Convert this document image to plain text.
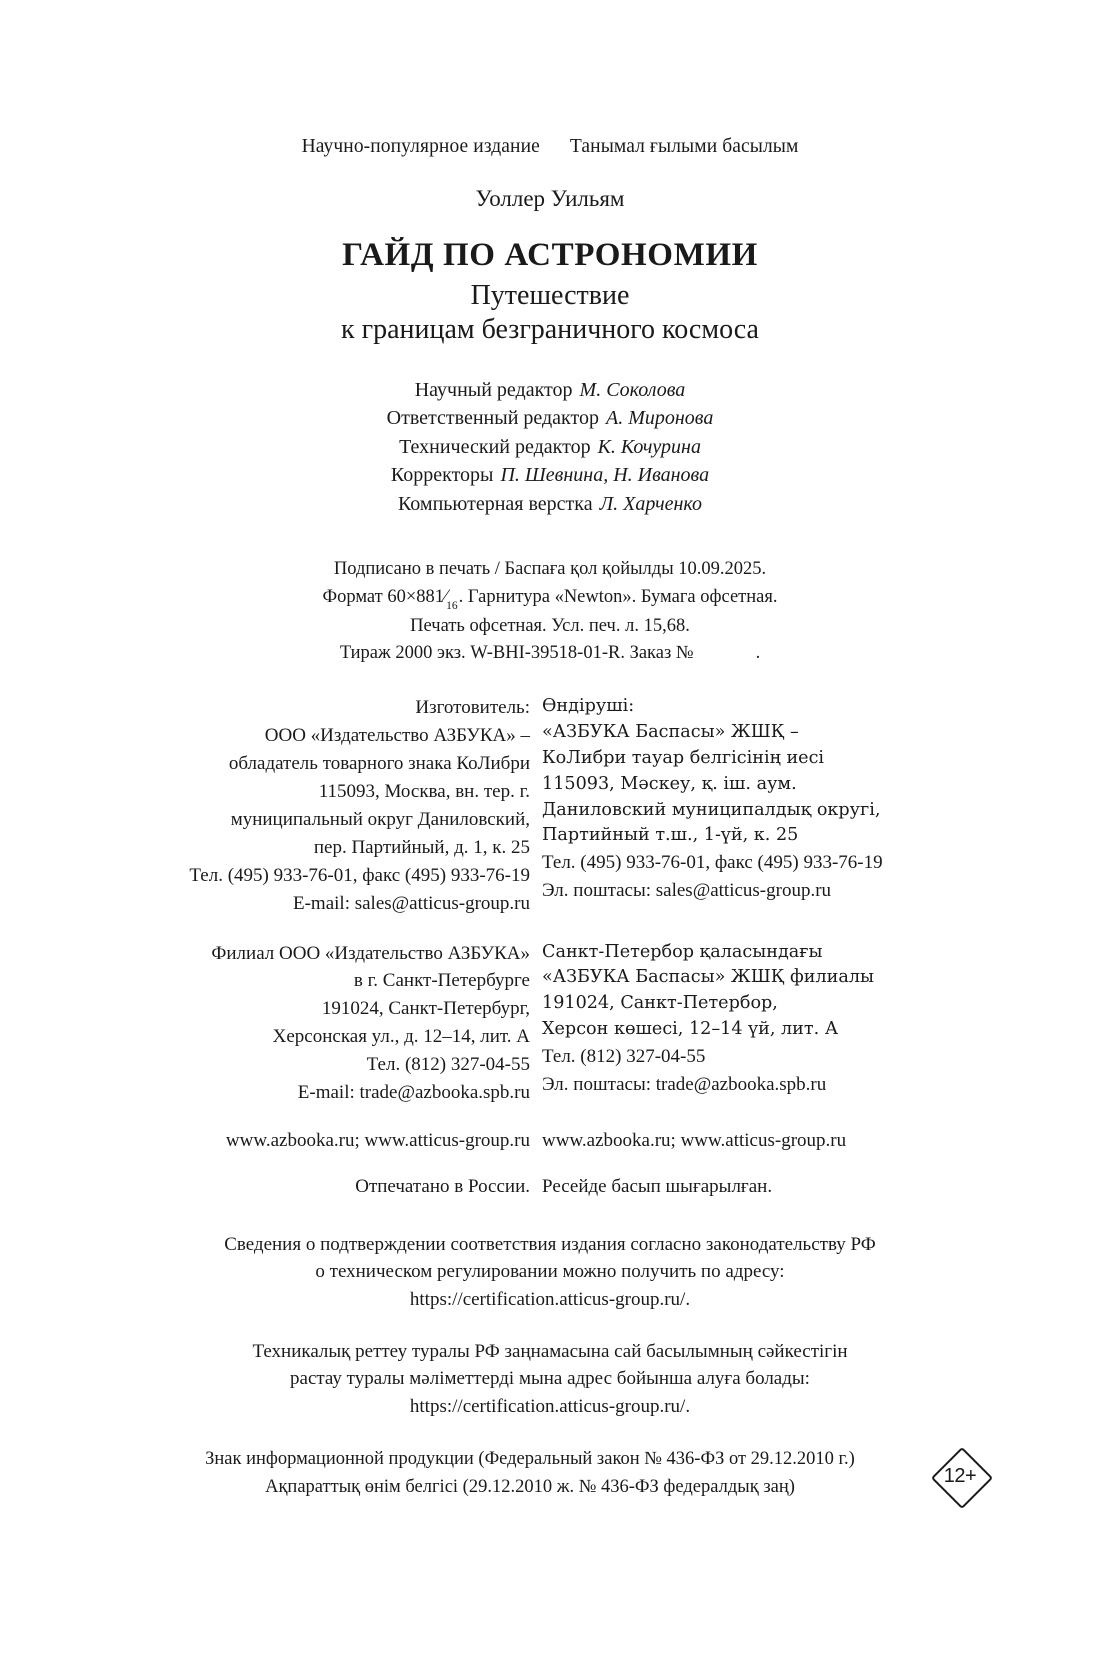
Научно-популярное издание Танымал ғылыми басылым
Уоллер Уильям
ГАЙД ПО АСТРОНОМИИ
Путешествие
к границам безграничного космоса
Научный редактор М. Соколова
Ответственный редактор А. Миронова
Технический редактор К. Кочурина
Корректоры П. Шевнина, Н. Иванова
Компьютерная верстка Л. Харченко
Подписано в печать / Баспаға қол қойылды 10.09.2025.
Формат $60\times 881⁄_{16}$. Гарнитура «Newton». Бумага офсетная.
Печать офсетная. Усл. печ. л. 15,68.
Тираж 2000 экз. W-BHI-39518-01-R. Заказ №	.
Изготовитель:
ООО «Издательство АЗБУКА» –
обладатель товарного знака КоЛибри
115093, Москва, вн. тер. г.
муниципальный округ Даниловский,
пер. Партийный, д. 1, к. 25
Тел. (495) 933-76-01, факс (495) 933-76-19
E-mail: sales@atticus-group.ru
Өндіруші:
«АЗБУКА Баспасы» ЖШҚ –
КоЛибри тауар белгісінің иесі
115093, Мәскеу, қ. іш. аум.
Даниловский муниципалдық округі,
Партийный т.ш., 1-үй, к. 25
Тел. (495) 933-76-01, факс (495) 933-76-19
Эл. поштасы: sales@atticus-group.ru
Филиал ООО «Издательство АЗБУКА»
в г. Санкт-Петербурге
191024, Санкт-Петербург,
Херсонская ул., д. 12–14, лит. А
Тел. (812) 327-04-55
E-mail: trade@azbooka.spb.ru
Санкт-Петербор қаласындағы
«АЗБУКА Баспасы» ЖШҚ филиалы
191024, Санкт-Петербор,
Херсон көшесі, 12–14 үй, лит. А
Тел. (812) 327-04-55
Эл. поштасы: trade@azbooka.spb.ru
www.azbooka.ru; www.atticus-group.ru www.azbooka.ru; www.atticus-group.ru
Отпечатано в России. Ресейде басып шығарылған.
Сведения о подтверждении соответствия издания согласно законодательству РФ
о техническом регулировании можно получить по адресу:
https://certification.atticus-group.ru/.
Техникалық реттеу туралы РФ заңнамасына сай басылымның сәйкестігін
растау туралы мәліметтерді мына адрес бойынша алуға болады:
https://certification.atticus-group.ru/.
Знак информационной продукции (Федеральный закон № 436-ФЗ от 29.12.2010 г.)
Ақпараттық өнім белгісі (29.12.2010 ж. № 436-ФЗ федералдық заң)	12+
